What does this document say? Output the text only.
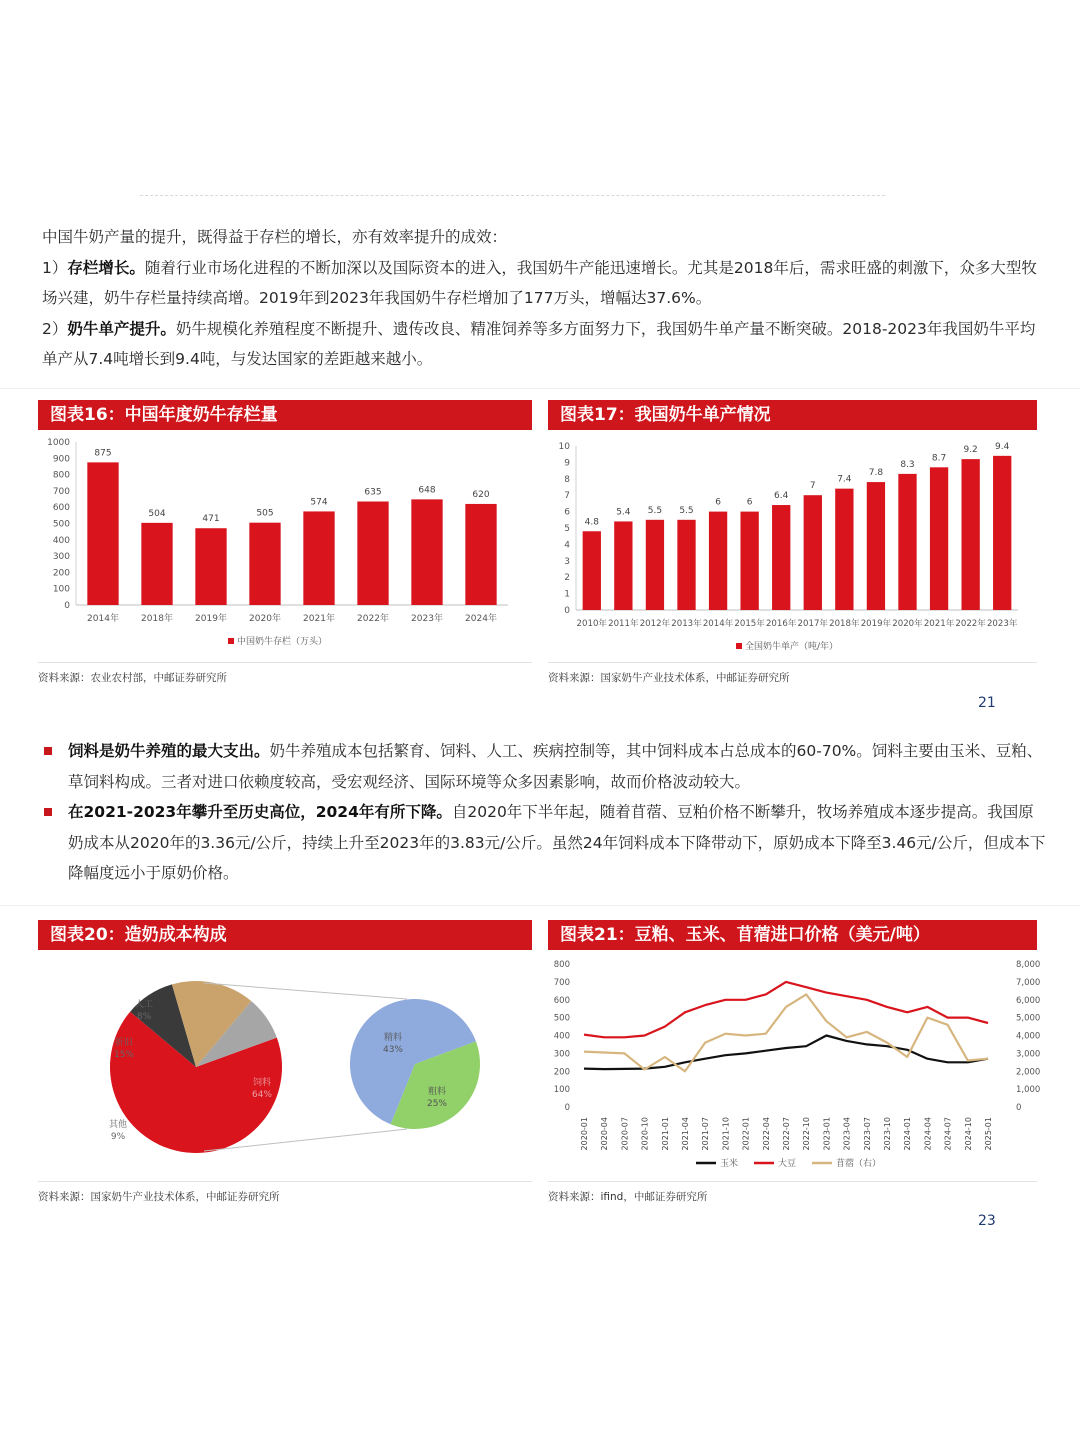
中国牛奶产量的提升，既得益于存栏的增长，亦有效率提升的成效：

1）存栏增长。随着行业市场化进程的不断加深以及国际资本的进入，我国奶牛产能迅速增长。尤其是2018年后，需求旺盛的刺激下，众多大型牧场兴建，奶牛存栏量持续高增。2019年到2023年我国奶牛存栏增加了177万头，增幅达37.6%。

2）奶牛单产提升。奶牛规模化养殖程度不断提升、遗传改良、精准饲养等多方面努力下，我国奶牛单产量不断突破。2018-2023年我国奶牛平均单产从7.4吨增长到9.4吨，与发达国家的差距越来越小。

图表16：中国年度奶牛存栏量
0
100
200
300
400
500
600
700
800
900
1000
875
2014年
504
2018年
471
2019年
505
2020年
574
2021年
635
2022年
648
2023年
620
2024年
中国奶牛存栏（万头）
资料来源：农业农村部，中邮证券研究所
图表17：我国奶牛单产情况
0
1
2
3
4
5
6
7
8
9
10
4.8
2010年
5.4
2011年
5.5
2012年
5.5
2013年
6
2014年
6
2015年
6.4
2016年
7
2017年
7.4
2018年
7.8
2019年
8.3
2020年
8.7
2021年
9.2
2022年
9.4
2023年
全国奶牛单产（吨/年）
资料来源：国家奶牛产业技术体系，中邮证券研究所
21
饲料是奶牛养殖的最大支出。奶牛养殖成本包括繁育、饲料、人工、疾病控制等，其中饲料成本占总成本的60-70%。饲料主要由玉米、豆粕、草饲料构成。三者对进口依赖度较高，受宏观经济、国际环境等众多因素影响，故而价格波动较大。
在2021-2023年攀升至历史高位，2024年有所下降。自2020年下半年起，随着苜蓿、豆粕价格不断攀升，牧场养殖成本逐步提高。我国原奶成本从2020年的3.36元/公斤，持续上升至2023年的3.83元/公斤。虽然24年饲料成本下降带动下，原奶成本下降至3.46元/公斤，但成本下降幅度远小于原奶价格。
图表20：造奶成本构成
饲料
64%
其他
9%
折旧
15%
人工
8%
精料
43%
粗料
25%
资料来源：国家奶牛产业技术体系，中邮证券研究所
图表21：豆粕、玉米、苜蓿进口价格（美元/吨）
0
100
200
300
400
500
600
700
800
0
1,000
2,000
3,000
4,000
5,000
6,000
7,000
8,000
2020-01 2020-04 2020-07 2020-10 2021-01 2021-04 2021-07 2021-10 2022-01 2022-04 2022-07 2022-10 2023-01 2023-04 2023-07 2023-10 2024-01 2024-04 2024-07 2024-10 2025-01
玉米	大豆	苜蓿（右）
资料来源：ifind，中邮证券研究所
23
